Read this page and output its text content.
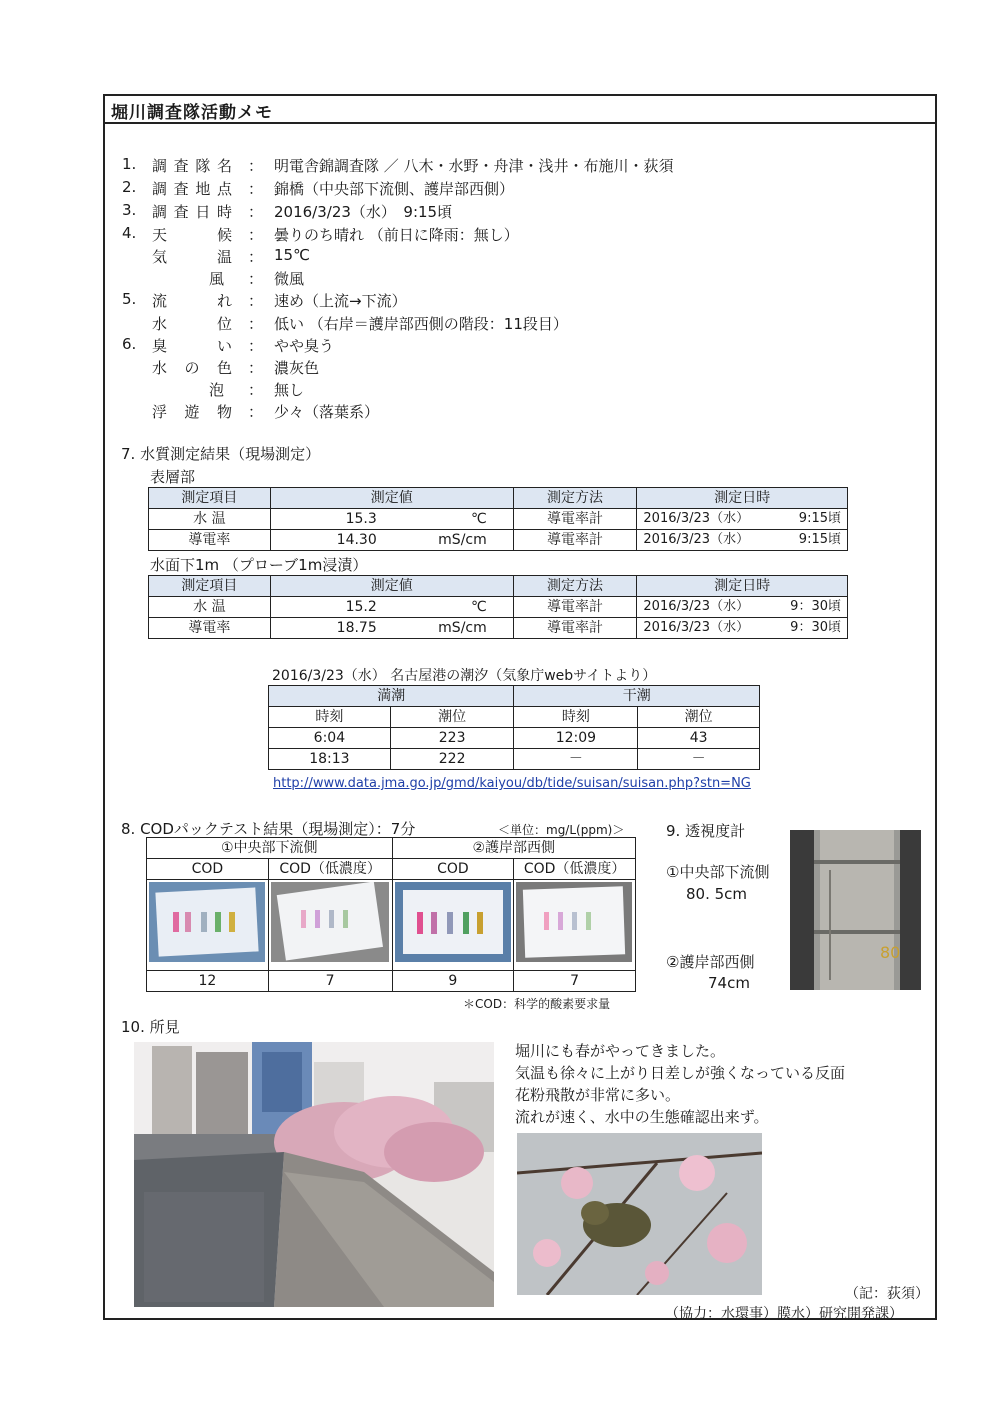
堀川調査隊活動メモ
1. 調査隊名 ： 明電舎錦調査隊 ／ 八木・水野・舟津・浅井・布施川・荻須
2. 調査地点 ： 錦橋（中央部下流側、護岸部西側）
3. 調査日時 ： 2016/3/23（水）　9:15頃
4. 天候 ： 曇りのち晴れ （前日に降雨：無し）
気温 ： 15℃
風 ： 微風
5. 流れ ： 速め（上流→下流）
水位 ： 低い （右岸＝護岸部西側の階段：11段目）
6. 臭い ： やや臭う
水の色 ： 濃灰色
泡 ： 無し
浮遊物 ： 少々（落葉系）
7. 水質測定結果（現場測定）
表層部
測定項目	測定値	測定方法	測定日時
水 温	15.3 ℃	導電率計	2016/3/23（水） 9:15頃

導電率	14.30 mS/cm	導電率計	2016/3/23（水） 9:15頃
水面下1m （プローブ1m浸漬）
測定項目	測定値	測定方法	測定日時
水 温	15.2 ℃	導電率計	2016/3/23（水） 9：30頃

導電率	18.75 mS/cm	導電率計	2016/3/23（水） 9：30頃
2016/3/23（水） 名古屋港の潮汐（気象庁webサイトより）
満潮		干潮	
時刻	潮位	時刻	潮位
6:04	223	12:09	43
18:13	222	－	－
http://www.data.jma.go.jp/gmd/kaiyou/db/tide/suisan/suisan.php?stn=NG
8. CODパックテスト結果（現場測定）：7分	＜単位：mg/L(ppm)＞
①中央部下流側		②護岸部西側	
COD	COD（低濃度）	COD	COD（低濃度）

12	7	9	7
＊COD：科学的酸素要求量
9. 透視度計
①中央部下流側
80. 5cm
②護岸部西側
74cm
80
10. 所見
堀川にも春がやってきました。
気温も徐々に上がり日差しが強くなっている反面
花粉飛散が非常に多い。
流れが速く、水中の生態確認出来ず。
（記：荻須）
（協力：水環事）膜水）研究開発課）
